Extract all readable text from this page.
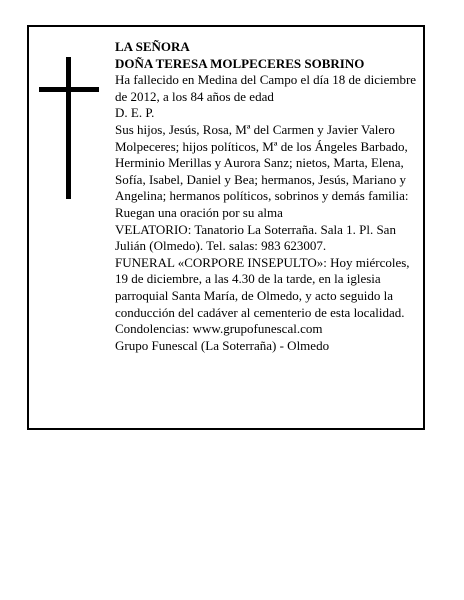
LA SEÑORA

DOÑA TERESA MOLPECERES SOBRINO

Ha fallecido en Medina del Campo el día 18 de diciembre de 2012, a los 84 años de edad

D. E. P.

Sus hijos, Jesús, Rosa, Mª del Carmen y Javier Valero Molpeceres; hijos políticos, Mª de los Ángeles Barbado, Herminio Merillas y Aurora Sanz; nietos, Marta, Elena, Sofía, Isabel, Daniel y Bea; hermanos, Jesús, Mariano y Angelina; hermanos políticos, sobrinos y demás familia:

Ruegan una oración por su alma

VELATORIO: Tanatorio La Soterraña. Sala 1. Pl. San Julián (Olmedo). Tel. salas: 983 623007.

FUNERAL «CORPORE INSEPULTO»: Hoy miércoles, 19 de diciembre, a las 4.30 de la tarde, en la iglesia parroquial Santa María, de Olmedo, y acto seguido la conducción del cadáver al cementerio de esta localidad.

Condolencias: www.grupofunescal.com

Grupo Funescal (La Soterraña) - Olmedo
